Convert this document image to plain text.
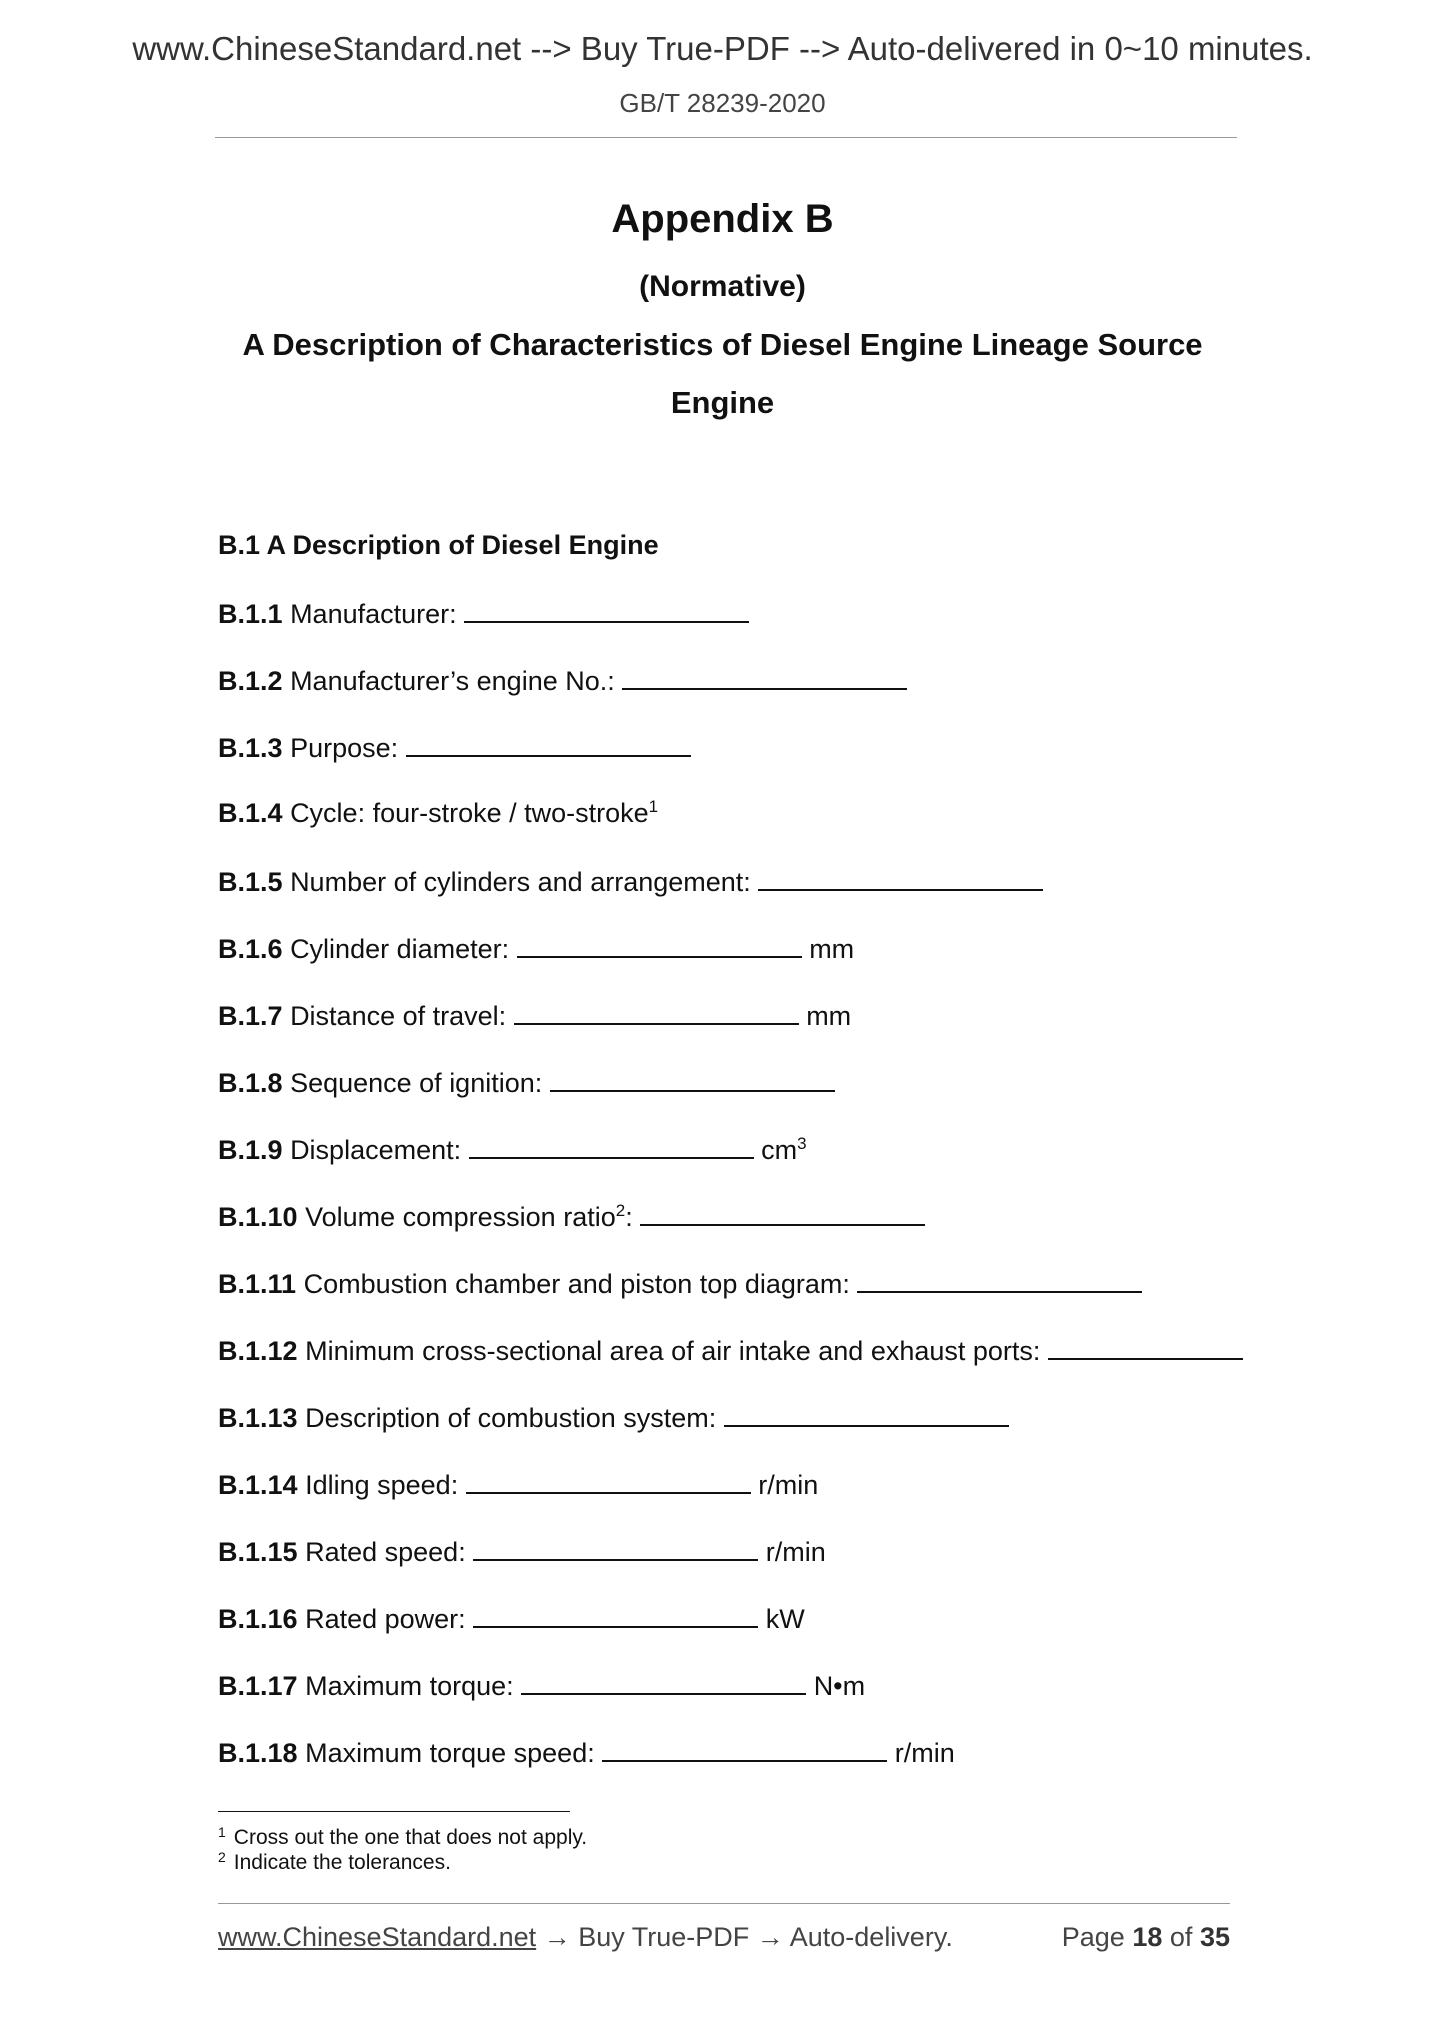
www.ChineseStandard.net --> Buy True-PDF --> Auto-delivered in 0~10 minutes.
GB/T 28239-2020
Appendix B
(Normative)
A Description of Characteristics of Diesel Engine Lineage Source
Engine
B.1 A Description of Diesel Engine
B.1.1 Manufacturer:
B.1.2 Manufacturer’s engine No.:
B.1.3 Purpose:
B.1.4 Cycle: four-stroke / two-stroke$^1$
B.1.5 Number of cylinders and arrangement:
B.1.6 Cylinder diameter:	mm
B.1.7 Distance of travel:	mm
B.1.8 Sequence of ignition:
B.1.9 Displacement:	$cm^3$
B.1.10 Volume compression ratio$^2$:
B.1.11 Combustion chamber and piston top diagram:
B.1.12 Minimum cross-sectional area of air intake and exhaust ports:
B.1.13 Description of combustion system:
B.1.14 Idling speed:	r/min
B.1.15 Rated speed:	r/min
B.1.16 Rated power:	kW
B.1.17 Maximum torque:	N•m
B.1.18 Maximum torque speed:	r/min
$^1$ Cross out the one that does not apply.
$^2$ Indicate the tolerances.
www.ChineseStandard.net → Buy True-PDF → Auto-delivery.	Page 18 of 35
